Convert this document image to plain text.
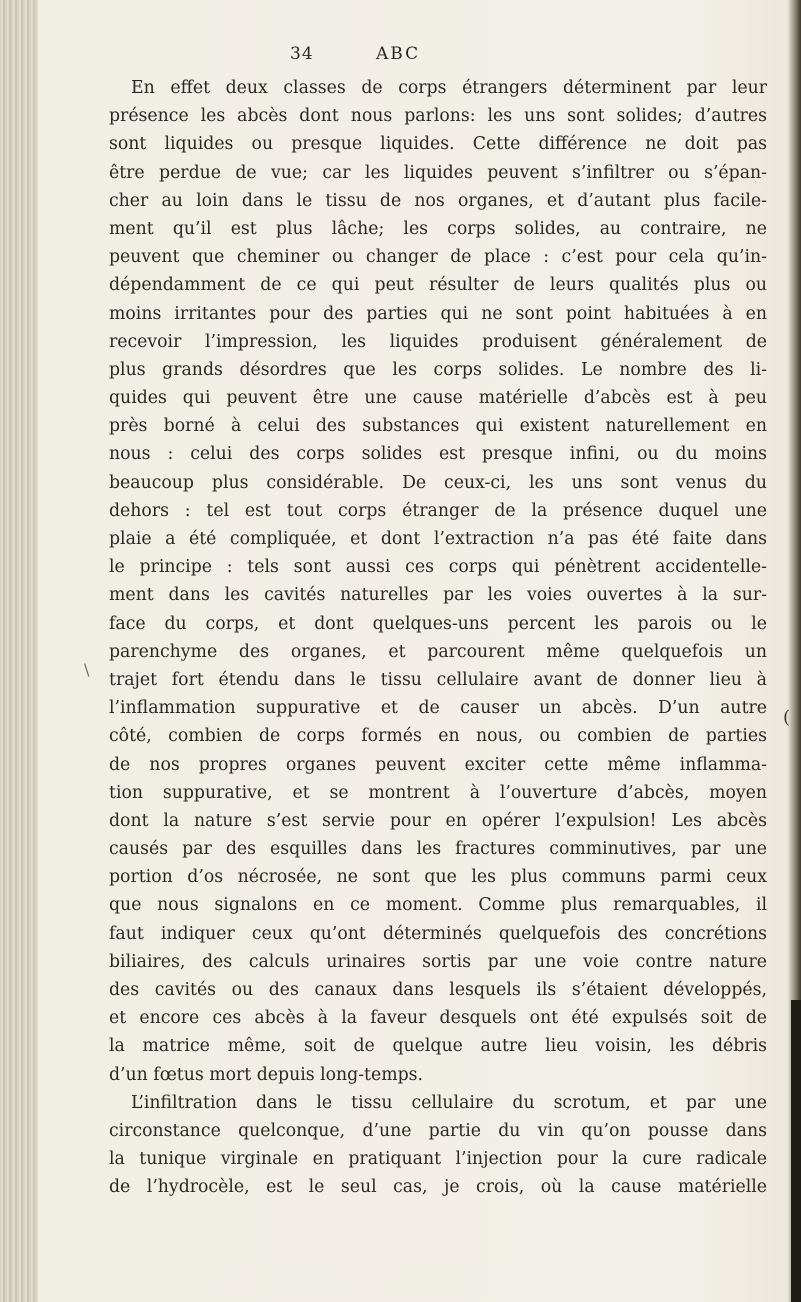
34	ABC
En effet deux classes de corps étrangers déterminent par leur
présence les abcès dont nous parlons: les uns sont solides; d’autres
sont liquides ou presque liquides. Cette différence ne doit pas
être perdue de vue; car les liquides peuvent s’infiltrer ou s’épan-
cher au loin dans le tissu de nos organes, et d’autant plus facile-
ment qu’il est plus lâche; les corps solides, au contraire, ne
peuvent que cheminer ou changer de place : c’est pour cela qu’in-
dépendamment de ce qui peut résulter de leurs qualités plus ou
moins irritantes pour des parties qui ne sont point habituées à en
recevoir l’impression, les liquides produisent généralement de
plus grands désordres que les corps solides. Le nombre des li-
quides qui peuvent être une cause matérielle d’abcès est à peu
près borné à celui des substances qui existent naturellement en
nous : celui des corps solides est presque infini, ou du moins
beaucoup plus considérable. De ceux-ci, les uns sont venus du
dehors : tel est tout corps étranger de la présence duquel une
plaie a été compliquée, et dont l’extraction n’a pas été faite dans
le principe : tels sont aussi ces corps qui pénètrent accidentelle-
ment dans les cavités naturelles par les voies ouvertes à la sur-
face du corps, et dont quelques-uns percent les parois ou le
parenchyme des organes, et parcourent même quelquefois un
trajet fort étendu dans le tissu cellulaire avant de donner lieu à
l’inflammation suppurative et de causer un abcès. D’un autre
côté, combien de corps formés en nous, ou combien de parties
de nos propres organes peuvent exciter cette même inflamma-
tion suppurative, et se montrent à l’ouverture d’abcès, moyen
dont la nature s’est servie pour en opérer l’expulsion! Les abcès
causés par des esquilles dans les fractures comminutives, par une
portion d’os nécrosée, ne sont que les plus communs parmi ceux
que nous signalons en ce moment. Comme plus remarquables, il
faut indiquer ceux qu’ont déterminés quelquefois des concrétions
biliaires, des calculs urinaires sortis par une voie contre nature
des cavités ou des canaux dans lesquels ils s’étaient développés,
et encore ces abcès à la faveur desquels ont été expulsés soit de
la matrice même, soit de quelque autre lieu voisin, les débris
d’un fœtus mort depuis long-temps.
L’infiltration dans le tissu cellulaire du scrotum, et par une
circonstance quelconque, d’une partie du vin qu’on pousse dans
la tunique virginale en pratiquant l’injection pour la cure radicale
de l’hydrocèle, est le seul cas, je crois, où la cause matérielle
\
(
